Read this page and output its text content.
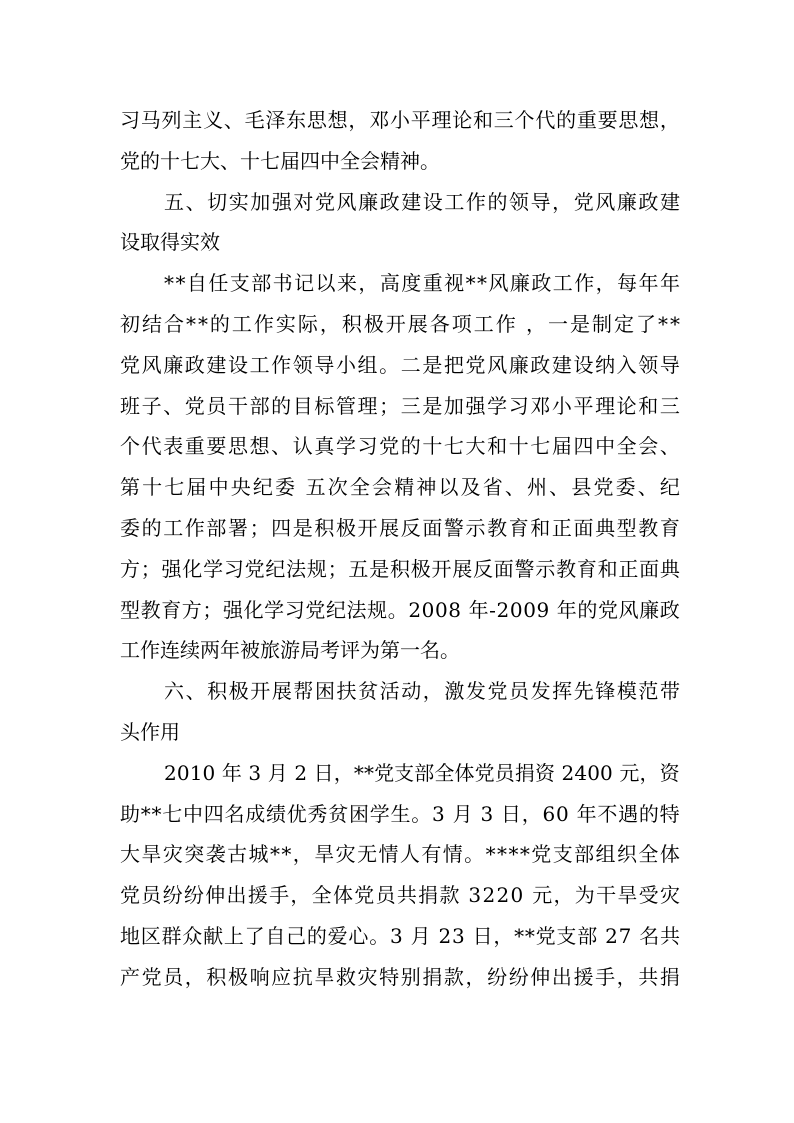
习 马 列 主 义 、 毛 泽 东 思 想 ， 邓 小 平 理 论 和 三 个 代 的 重 要 思 想 ，
党 的 十 七 大 、 十 七 届 四 中 全 会 精 神 。
五 、 切 实 加 强 对 党 风 廉 政 建 设 工 作 的 领 导 ， 党 风 廉 政 建
设 取 得 实 效
* * 自 任 支 部 书 记 以 来 ， 高 度 重 视 * * 风 廉 政 工 作 ， 每 年 年
初 结 合 * * 的 工 作 实 际 ， 积 极 开 展 各 项 工 作
， 一 是 制 定 了 * *
党 风 廉 政 建 设 工 作 领 导 小 组 。 二 是 把 党 风 廉 政 建 设 纳 入 领 导
班 子 、 党 员 干 部 的 目 标 管 理 ； 三 是 加 强 学 习 邓 小 平 理 论 和 三
个 代 表 重 要 思 想 、 认 真 学 习 党 的 十 七 大 和 十 七 届 四 中 全 会 、
第 十 七 届 中 央 纪 委
五 次 全 会 精 神 以 及 省 、 州 、 县 党 委 、 纪
委 的 工 作 部 署 ； 四 是 积 极 开 展 反 面 警 示 教 育 和 正 面 典 型 教 育
方 ； 强 化 学 习 党 纪 法 规 ； 五 是 积 极 开 展 反 面 警 示 教 育 和 正 面 典
型 教 育 方 ； 强 化 学 习 党 纪 法 规 。 2 0 0 8
年 - 2 0 0 9
年 的 党 风 廉 政
工 作 连 续 两 年 被 旅 游 局 考 评 为 第 一 名 。
六 、 积 极 开 展 帮 困 扶 贫 活 动 ， 激 发 党 员 发 挥 先 锋 模 范 带
头 作 用
2 0 1 0
年
3
月
2
日 ， * * 党 支 部 全 体 党 员 捐 资
2 4 0 0
元 ， 资
助 * * 七 中 四 名 成 绩 优 秀 贫 困 学 生 。 3
月
3
日 ， 6 0
年 不 遇 的 特
大 旱 灾 突 袭 古 城 * * ， 旱 灾 无 情 人 有 情 。 * * * * 党 支 部 组 织 全 体
党 员 纷 纷 伸 出 援 手 ， 全 体 党 员 共 捐 款
3 2 2 0
元 ， 为 干 旱 受 灾
地 区 群 众 献 上 了 自 己 的 爱 心 。 3
月
2 3
日 ， * * 党 支 部
2 7
名 共
产 党 员 ， 积 极 响 应 抗 旱 救 灾 特 别 捐 款 ， 纷 纷 伸 出 援 手 ， 共 捐
